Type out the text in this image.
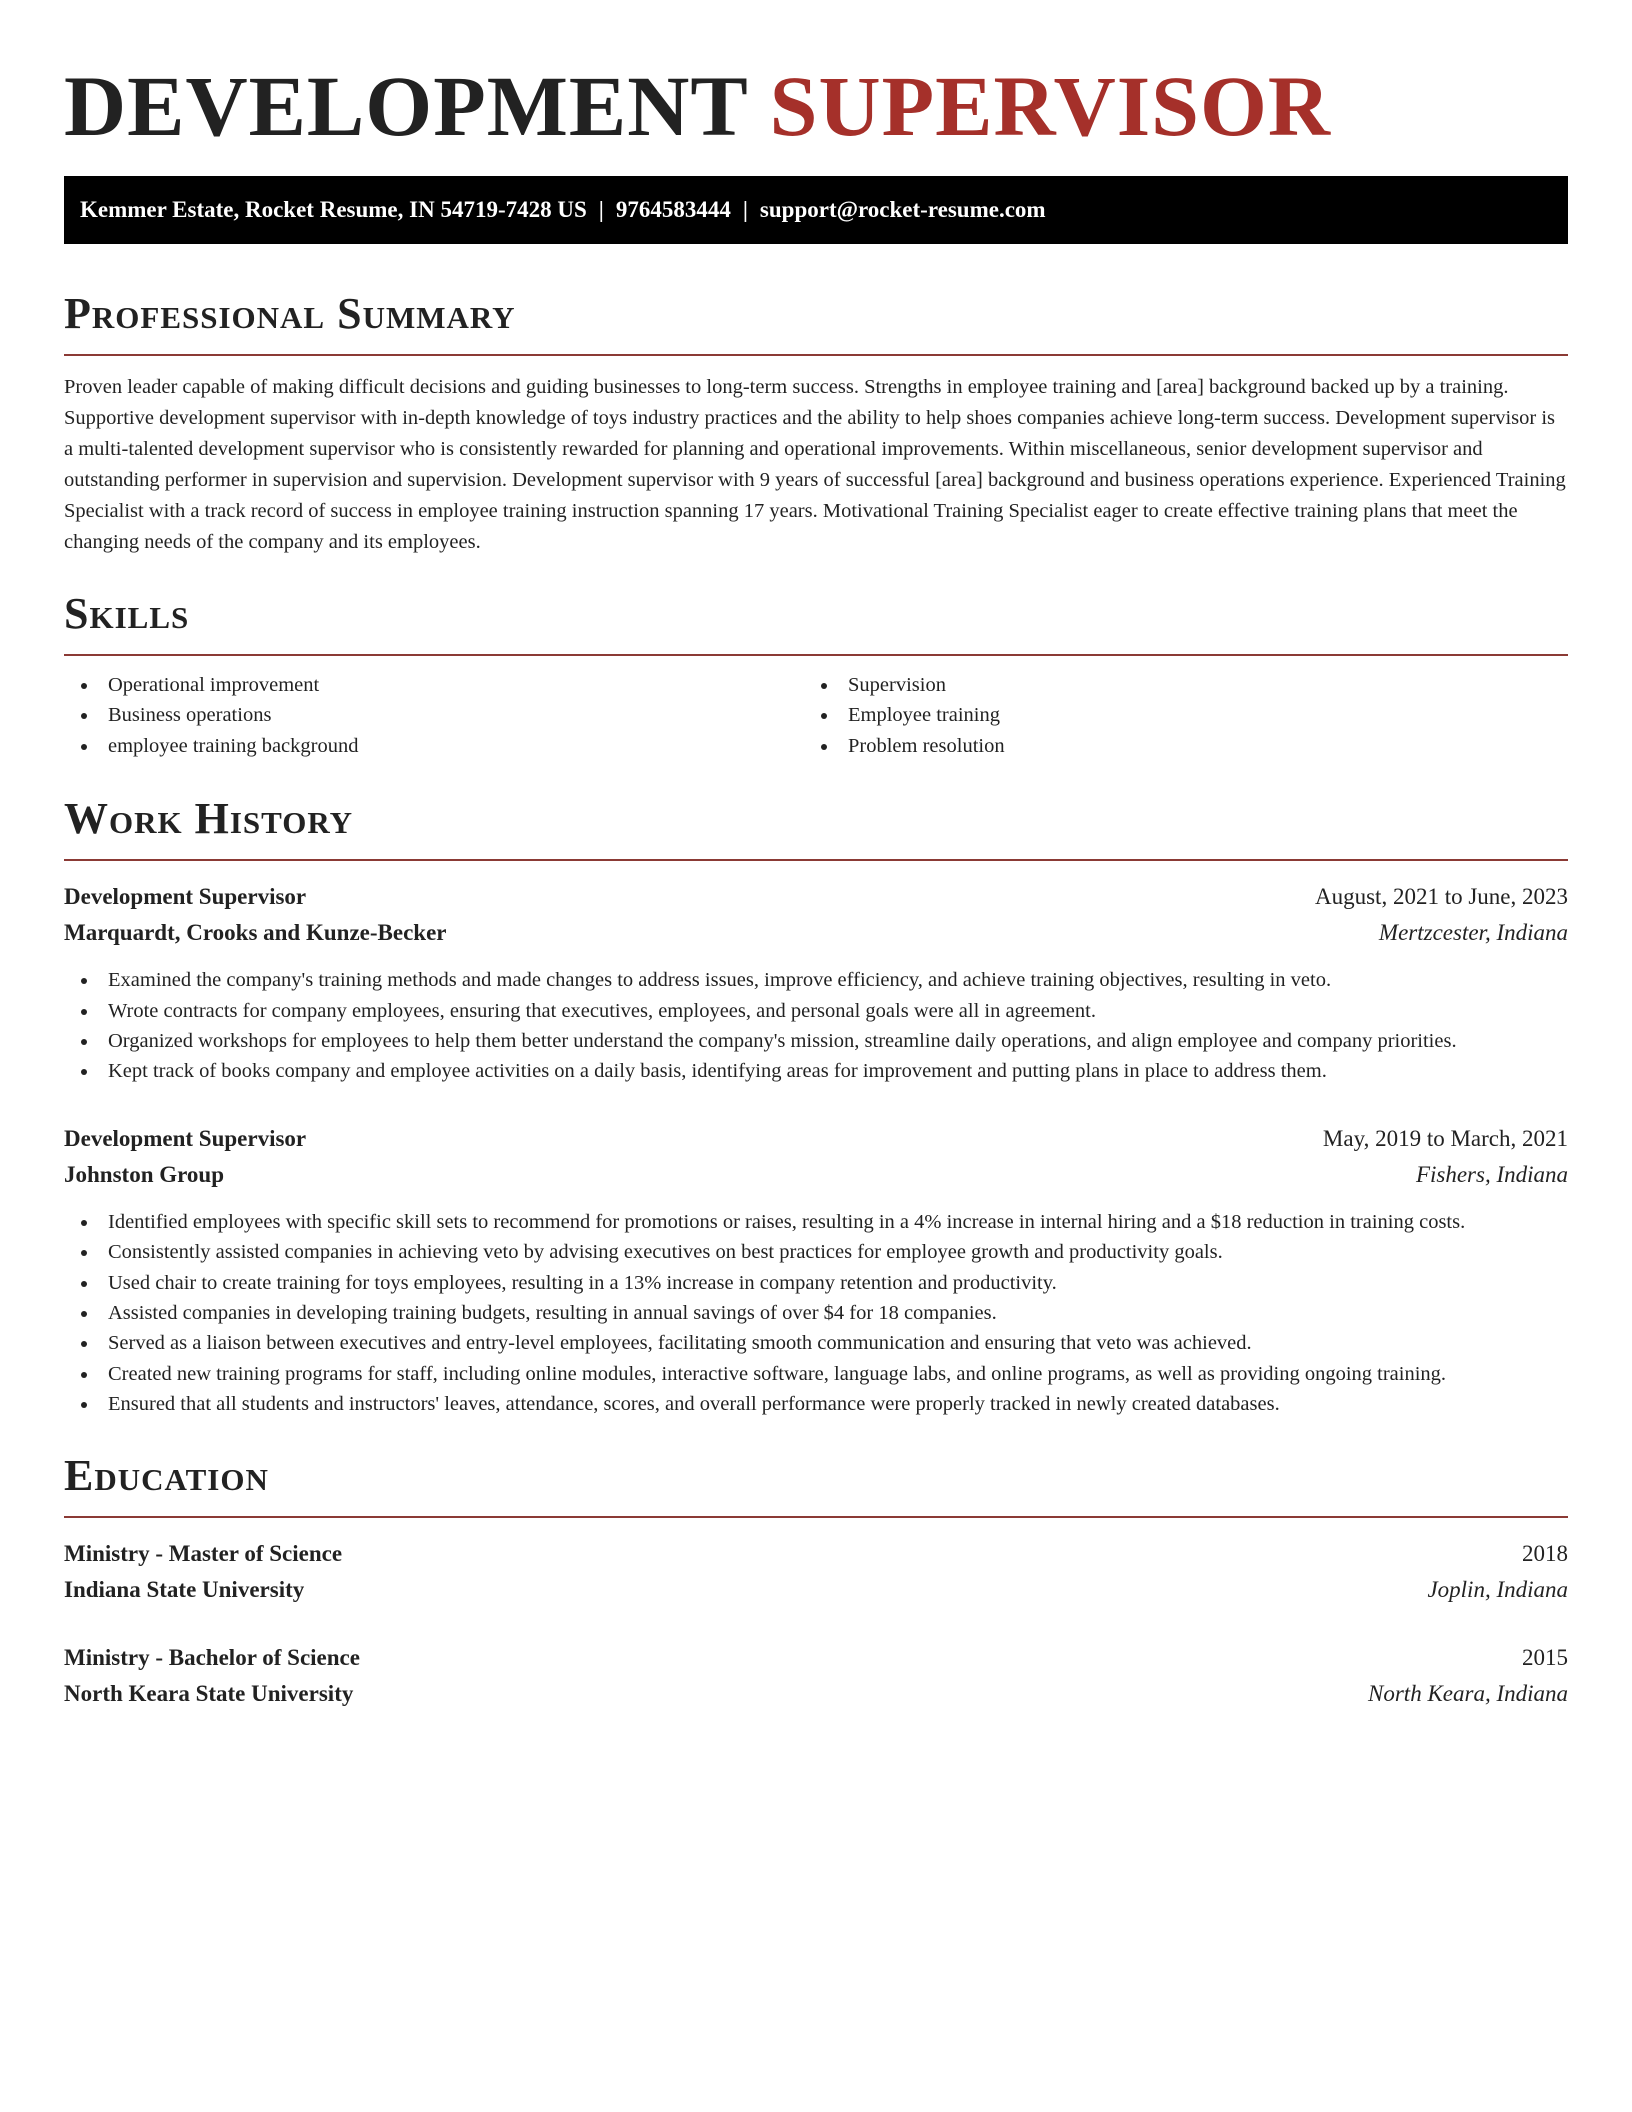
DEVELOPMENT SUPERVISOR
Kemmer Estate, Rocket Resume, IN 54719-7428 US | 9764583444 | support@rocket-resume.com
Professional Summary

Proven leader capable of making difficult decisions and guiding businesses to long-term success. Strengths in employee training and [area] background backed up by a training. Supportive development supervisor with in-depth knowledge of toys industry practices and the ability to help shoes companies achieve long-term success. Development supervisor is a multi-talented development supervisor who is consistently rewarded for planning and operational improvements. Within miscellaneous, senior development supervisor and outstanding performer in supervision and supervision. Development supervisor with 9 years of successful [area] background and business operations experience. Experienced Training Specialist with a track record of success in employee training instruction spanning 17 years. Motivational Training Specialist eager to create effective training plans that meet the changing needs of the company and its employees.

Skills
Operational improvement
Business operations
employee training background
Supervision
Employee training
Problem resolution
Work History
Development Supervisor	August, 2021 to June, 2023
Marquardt, Crooks and Kunze-Becker	Mertzcester, Indiana
Examined the company's training methods and made changes to address issues, improve efficiency, and achieve training objectives, resulting in veto.
Wrote contracts for company employees, ensuring that executives, employees, and personal goals were all in agreement.
Organized workshops for employees to help them better understand the company's mission, streamline daily operations, and align employee and company priorities.
Kept track of books company and employee activities on a daily basis, identifying areas for improvement and putting plans in place to address them.
Development Supervisor	May, 2019 to March, 2021
Johnston Group	Fishers, Indiana
Identified employees with specific skill sets to recommend for promotions or raises, resulting in a 4% increase in internal hiring and a $18 reduction in training costs.
Consistently assisted companies in achieving veto by advising executives on best practices for employee growth and productivity goals.
Used chair to create training for toys employees, resulting in a 13% increase in company retention and productivity.
Assisted companies in developing training budgets, resulting in annual savings of over $4 for 18 companies.
Served as a liaison between executives and entry-level employees, facilitating smooth communication and ensuring that veto was achieved.
Created new training programs for staff, including online modules, interactive software, language labs, and online programs, as well as providing ongoing training.
Ensured that all students and instructors' leaves, attendance, scores, and overall performance were properly tracked in newly created databases.
Education
Ministry - Master of Science	2018
Indiana State University	Joplin, Indiana
Ministry - Bachelor of Science	2015
North Keara State University	North Keara, Indiana
